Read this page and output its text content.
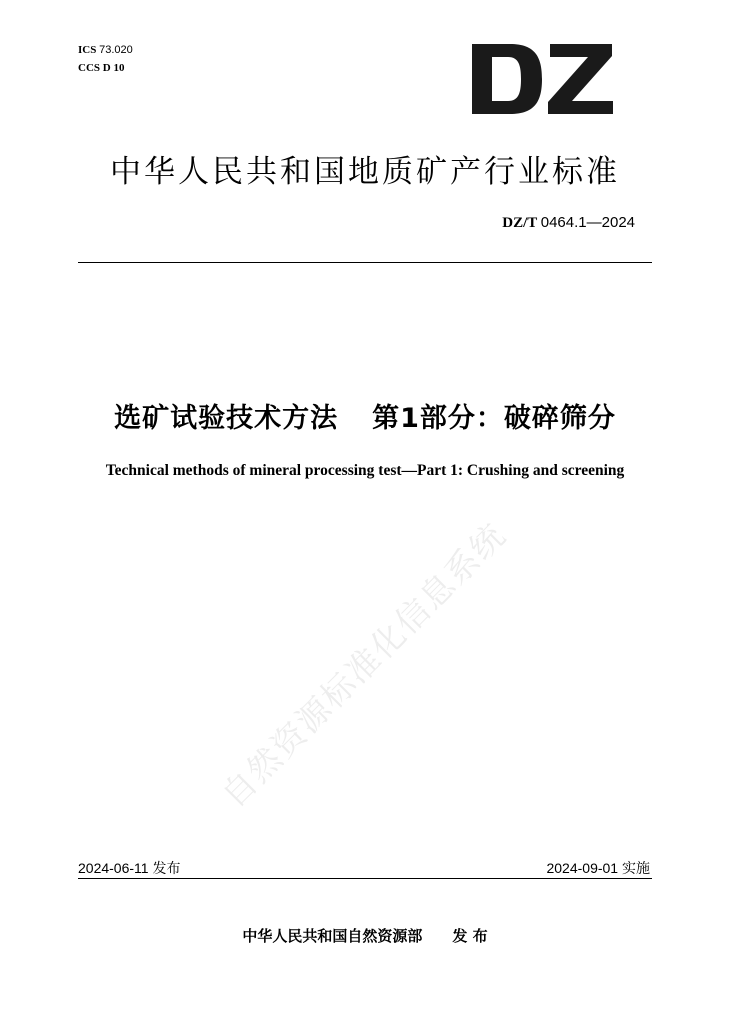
ICS 73.020
CCS D 10
中华人民共和国地质矿产行业标准
DZ/T 0464.1—2024
选矿试验技术方法 第1部分：破碎筛分
Technical methods of mineral processing test—Part 1: Crushing and screening
自然资源标准化信息系统
2024-06-11 发布	2024-09-01 实施
中华人民共和国自然资源部 发 布
